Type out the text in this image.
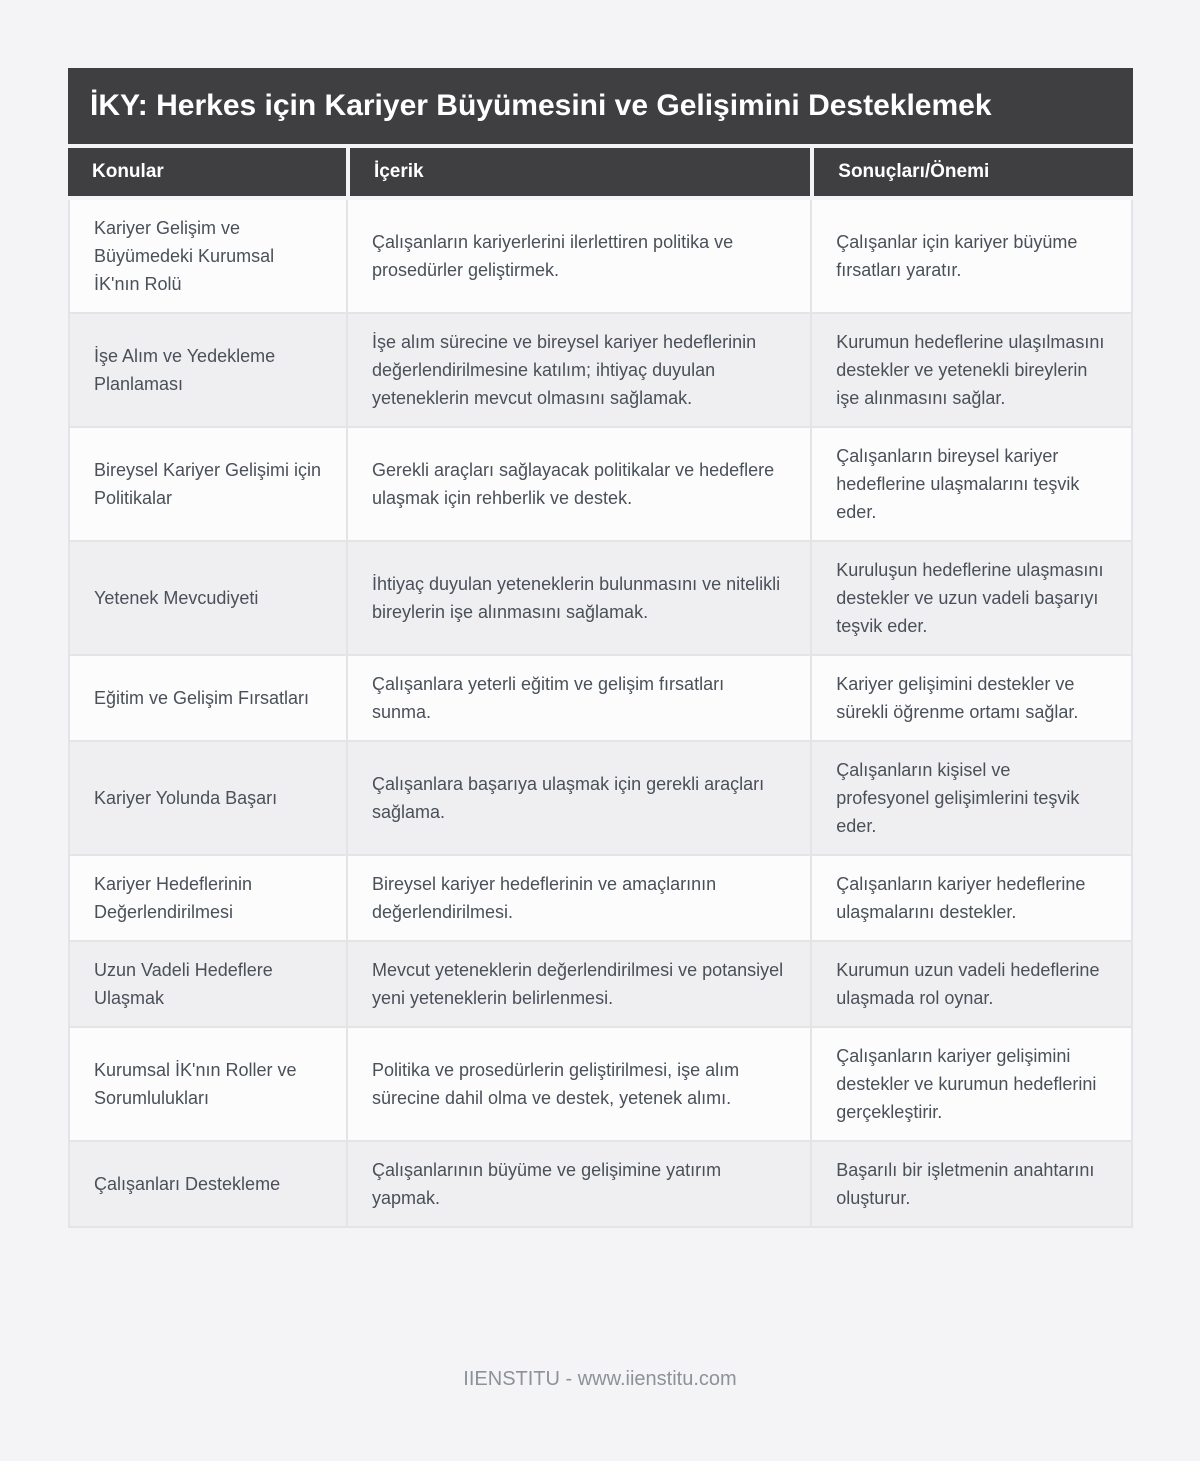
İKY: Herkes için Kariyer Büyümesini ve Gelişimini Desteklemek
Konular	İçerik	Sonuçları/Önemi
Kariyer Gelişim ve Büyümedeki Kurumsal İK'nın Rolü	Çalışanların kariyerlerini ilerlettiren politika ve prosedürler geliştirmek.	Çalışanlar için kariyer büyüme fırsatları yaratır.
İşe Alım ve Yedekleme Planlaması	İşe alım sürecine ve bireysel kariyer hedeflerinin değerlendirilmesine katılım; ihtiyaç duyulan yeteneklerin mevcut olmasını sağlamak.	Kurumun hedeflerine ulaşılmasını destekler ve yetenekli bireylerin işe alınmasını sağlar.
Bireysel Kariyer Gelişimi için Politikalar	Gerekli araçları sağlayacak politikalar ve hedeflere ulaşmak için rehberlik ve destek.	Çalışanların bireysel kariyer hedeflerine ulaşmalarını teşvik eder.
Yetenek Mevcudiyeti	İhtiyaç duyulan yeteneklerin bulunmasını ve nitelikli bireylerin işe alınmasını sağlamak.	Kuruluşun hedeflerine ulaşmasını destekler ve uzun vadeli başarıyı teşvik eder.
Eğitim ve Gelişim Fırsatları	Çalışanlara yeterli eğitim ve gelişim fırsatları sunma.	Kariyer gelişimini destekler ve sürekli öğrenme ortamı sağlar.
Kariyer Yolunda Başarı	Çalışanlara başarıya ulaşmak için gerekli araçları sağlama.	Çalışanların kişisel ve profesyonel gelişimlerini teşvik eder.
Kariyer Hedeflerinin Değerlendirilmesi	Bireysel kariyer hedeflerinin ve amaçlarının değerlendirilmesi.	Çalışanların kariyer hedeflerine ulaşmalarını destekler.
Uzun Vadeli Hedeflere Ulaşmak	Mevcut yeteneklerin değerlendirilmesi ve potansiyel yeni yeteneklerin belirlenmesi.	Kurumun uzun vadeli hedeflerine ulaşmada rol oynar.
Kurumsal İK'nın Roller ve Sorumlulukları	Politika ve prosedürlerin geliştirilmesi, işe alım sürecine dahil olma ve destek, yetenek alımı.	Çalışanların kariyer gelişimini destekler ve kurumun hedeflerini gerçekleştirir.
Çalışanları Destekleme	Çalışanlarının büyüme ve gelişimine yatırım yapmak.	Başarılı bir işletmenin anahtarını oluşturur.
IIENSTITU - www.iienstitu.com
